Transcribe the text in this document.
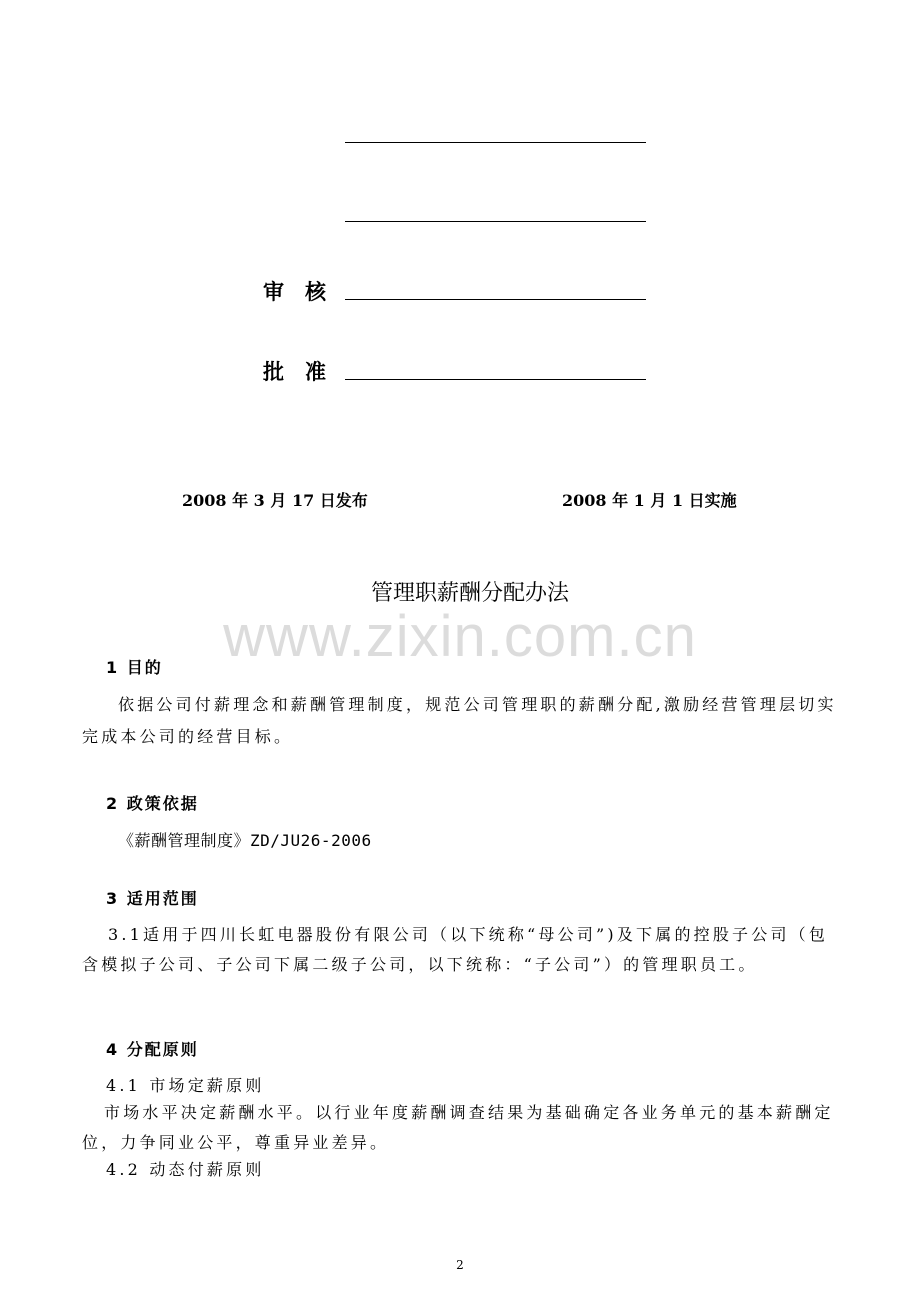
审　核
批　准
2008 年 3 月 17 日发布	2008 年 1 月 1 日实施
www.zixin.com.cn
管理职薪酬分配办法
1 目的
依据公司付薪理念和薪酬管理制度，规范公司管理职的薪酬分配,激励经营管理层切实完成本公司的经营目标。
2 政策依据
《薪酬管理制度》ZD/JU26-2006
3 适用范围
3.1适用于四川长虹电器股份有限公司（以下统称“母公司”)及下属的控股子公司（包含模拟子公司、子公司下属二级子公司，以下统称：“子公司”）的管理职员工。
4 分配原则
4.1 市场定薪原则
市场水平决定薪酬水平。以行业年度薪酬调查结果为基础确定各业务单元的基本薪酬定位，力争同业公平，尊重异业差异。
4.2 动态付薪原则
2
